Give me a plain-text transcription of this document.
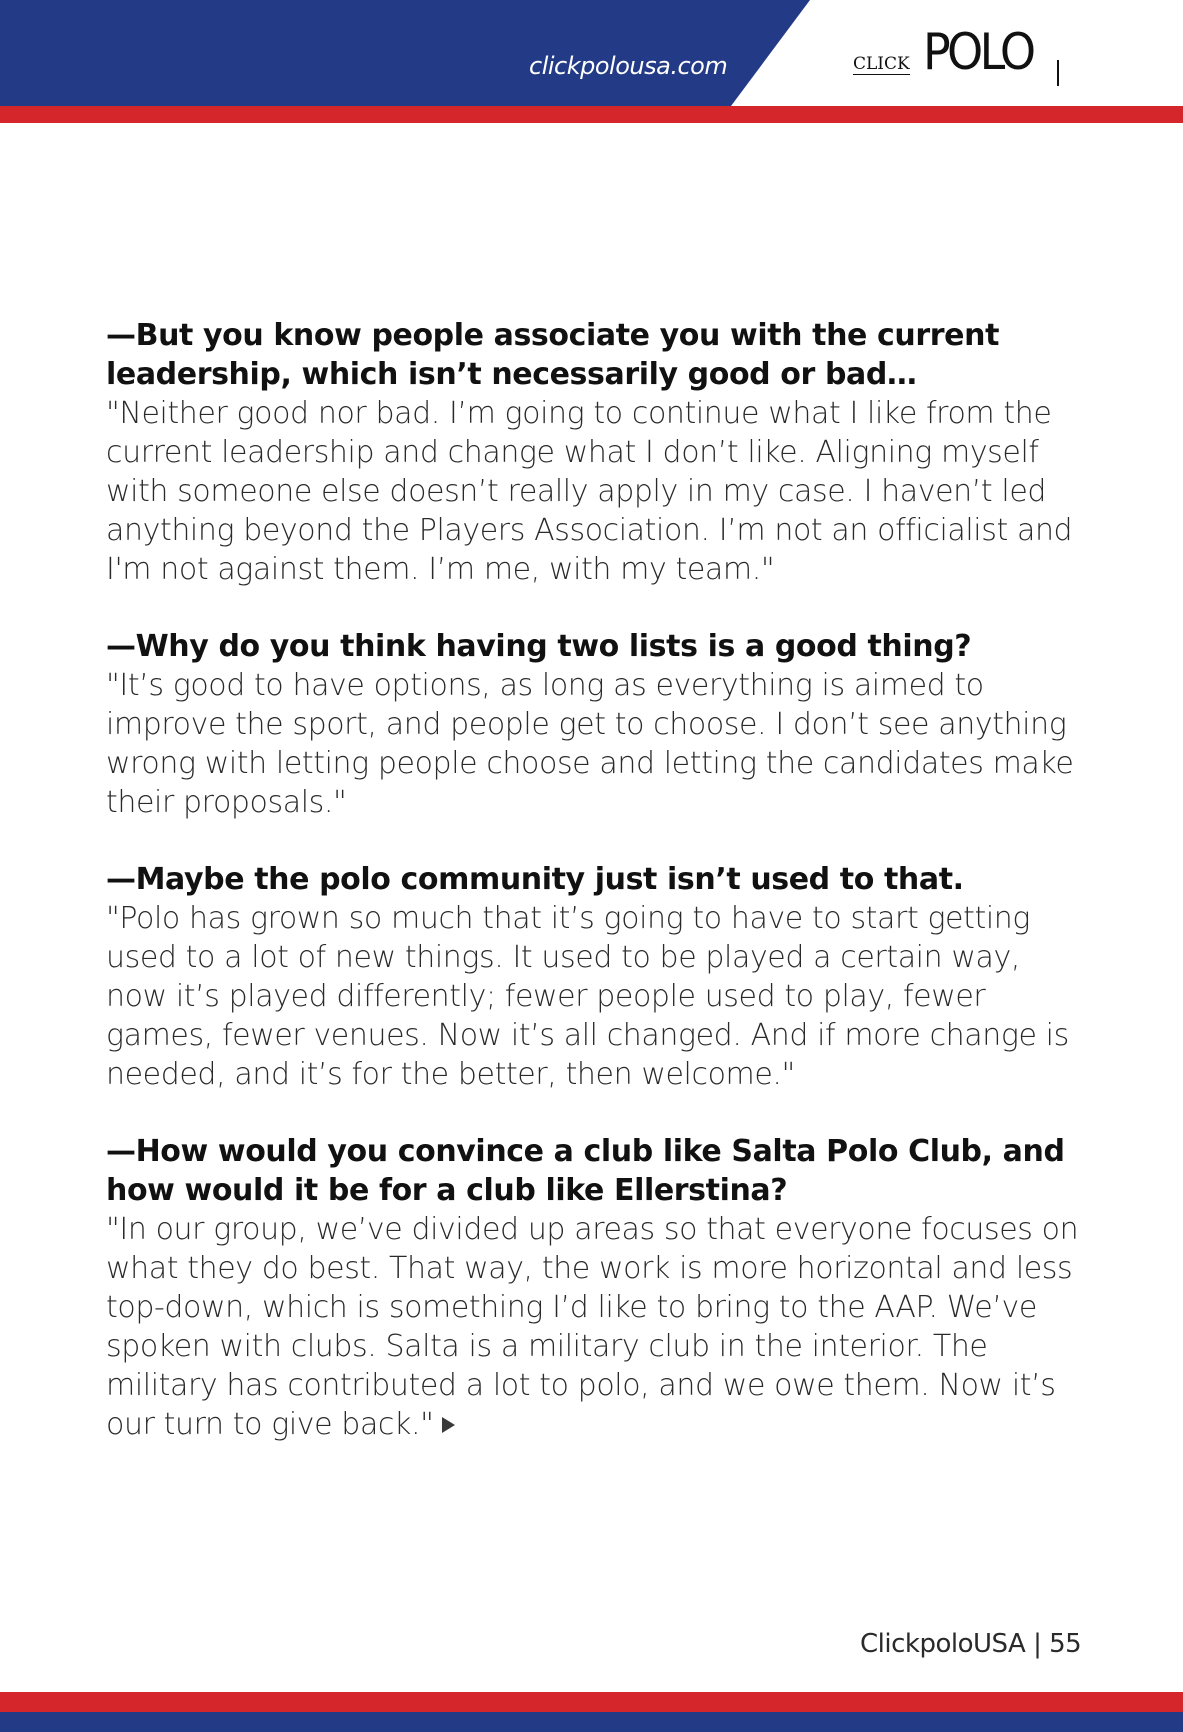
clickpolousa.com	CLICK POLO

—But you know people associate you with the current leadership, which isn’t necessarily good or bad…

"Neither good nor bad. I’m going to continue what I like from the current leadership and change what I don’t like. Aligning myself with someone else doesn’t really apply in my case. I haven’t led anything beyond the Players Association. I’m not an officialist and I'm not against them. I’m me, with my team."

—Why do you think having two lists is a good thing?

"It’s good to have options, as long as everything is aimed to improve the sport, and people get to choose. I don’t see anything wrong with letting people choose and letting the candidates make their proposals."

—Maybe the polo community just isn’t used to that.

"Polo has grown so much that it’s going to have to start getting used to a lot of new things. It used to be played a certain way, now it’s played differently; fewer people used to play, fewer games, fewer venues. Now it’s all changed. And if more change is needed, and it’s for the better, then welcome."

—How would you convince a club like Salta Polo Club, and how would it be for a club like Ellerstina?

"In our group, we’ve divided up areas so that everyone focuses on what they do best. That way, the work is more horizontal and less top-down, which is something I’d like to bring to the AAP. We’ve spoken with clubs. Salta is a military club in the interior. The military has contributed a lot to polo, and we owe them. Now it’s our turn to give back."

ClickpoloUSA | 55
